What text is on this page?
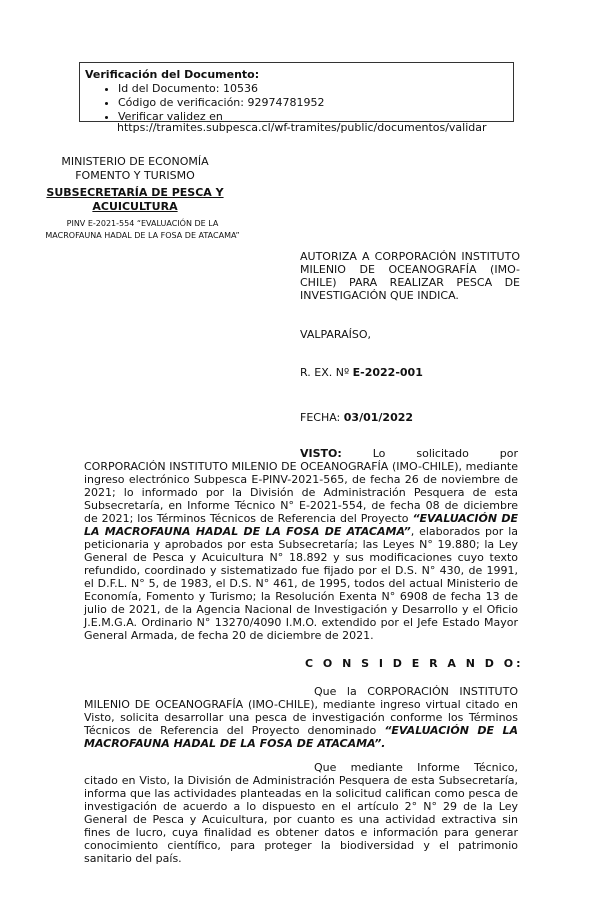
Verificación del Documento:
• Id del Documento: 10536
• Código de verificación: 92974781952
• Verificar validez en
https://tramites.subpesca.cl/wf-tramites/public/documentos/validar
MINISTERIO DE ECONOMÍA
FOMENTO Y TURISMO
SUBSECRETARÍA DE PESCA Y
ACUICULTURA
PINV E-2021-554 “EVALUACIÓN DE LA
MACROFAUNA HADAL DE LA FOSA DE ATACAMA”
AUTORIZA A CORPORACIÓN INSTITUTO MILENIO DE OCEANOGRAFÍA (IMO-CHILE) PARA REALIZAR PESCA DE INVESTIGACIÓN QUE INDICA.
VALPARAÍSO,
R. EX. Nº E-2022-001
FECHA: 03/01/2022

VISTO: Lo solicitado por CORPORACIÓN INSTITUTO MILENIO DE OCEANOGRAFÍA (IMO-CHILE), mediante ingreso electrónico Subpesca E-PINV-2021-565, de fecha 26 de noviembre de 2021; lo informado por la División de Administración Pesquera de esta Subsecretaría, en Informe Técnico N° E-2021-554, de fecha 08 de diciembre de 2021; los Términos Técnicos de Referencia del Proyecto “EVALUACIÓN DE LA MACROFAUNA HADAL DE LA FOSA DE ATACAMA”, elaborados por la peticionaria y aprobados por esta Subsecretaría; las Leyes N° 19.880; la Ley General de Pesca y Acuicultura N° 18.892 y sus modificaciones cuyo texto refundido, coordinado y sistematizado fue fijado por el D.S. N° 430, de 1991, el D.F.L. N° 5, de 1983, el D.S. N° 461, de 1995, todos del actual Ministerio de Economía, Fomento y Turismo; la Resolución Exenta N° 6908 de fecha 13 de julio de 2021, de la Agencia Nacional de Investigación y Desarrollo y el Oficio J.E.M.G.A. Ordinario N° 13270/4090 I.M.O. extendido por el Jefe Estado Mayor General Armada, de fecha 20 de diciembre de 2021.

C O N S I D E R A N D O:

Que la CORPORACIÓN INSTITUTO MILENIO DE OCEANOGRAFÍA (IMO-CHILE), mediante ingreso virtual citado en Visto, solicita desarrollar una pesca de investigación conforme los Términos Técnicos de Referencia del Proyecto denominado “EVALUACIÓN DE LA MACROFAUNA HADAL DE LA FOSA DE ATACAMA”.

Que mediante Informe Técnico, citado en Visto, la División de Administración Pesquera de esta Subsecretaría, informa que las actividades planteadas en la solicitud califican como pesca de investigación de acuerdo a lo dispuesto en el artículo 2° N° 29 de la Ley General de Pesca y Acuicultura, por cuanto es una actividad extractiva sin fines de lucro, cuya finalidad es obtener datos e información para generar conocimiento científico, para proteger la biodiversidad y el patrimonio sanitario del país.
